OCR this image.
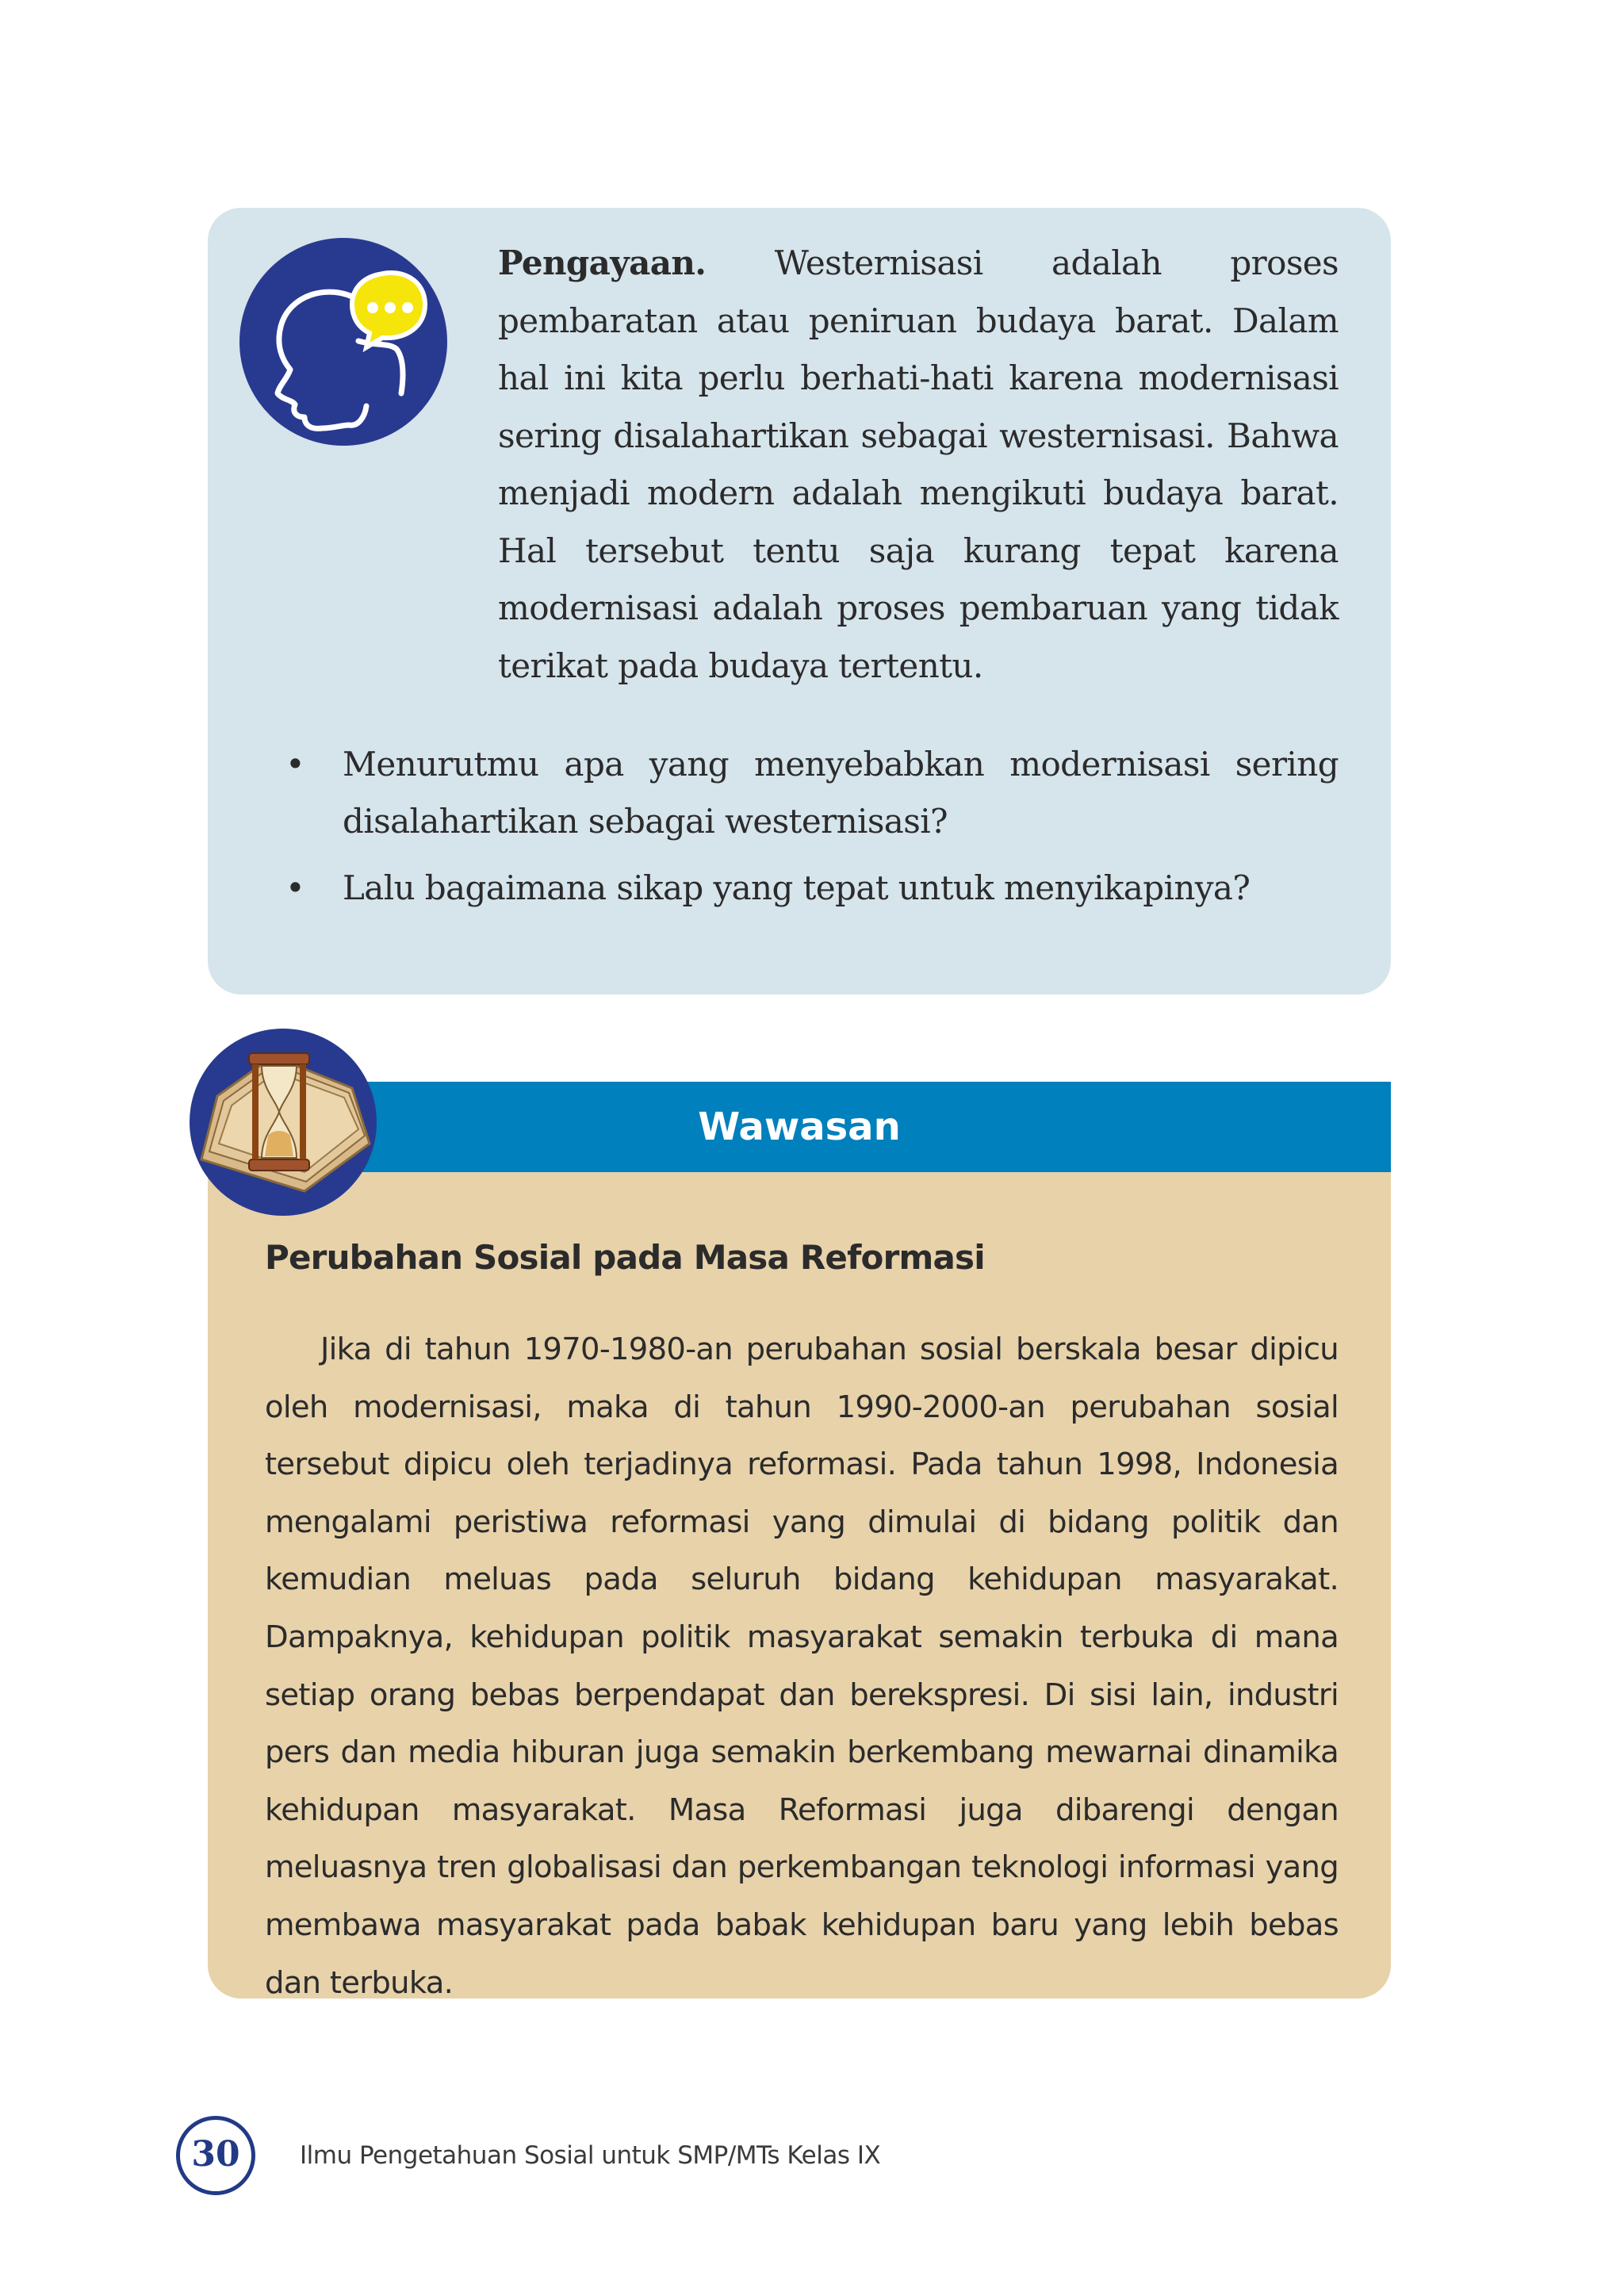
Pengayaan. Westernisasi adalah proses pembaratan atau peniruan budaya barat. Dalam hal ini kita perlu berhati-hati karena modernisasi sering disalahartikan sebagai westernisasi. Bahwa menjadi modern adalah mengikuti budaya barat. Hal tersebut tentu saja kurang tepat karena modernisasi adalah proses pembaruan yang tidak terikat pada budaya tertentu.

• Menurutmu apa yang menyebabkan modernisasi sering disalahartikan sebagai westernisasi?
• Lalu bagaimana sikap yang tepat untuk menyikapinya?
Wawasan
Perubahan Sosial pada Masa Reformasi

Jika di tahun 1970-1980-an perubahan sosial berskala besar dipicu oleh modernisasi, maka di tahun 1990-2000-an perubahan sosial tersebut dipicu oleh terjadinya reformasi. Pada tahun 1998, Indonesia mengalami peristiwa reformasi yang dimulai di bidang politik dan kemudian meluas pada seluruh bidang kehidupan masyarakat. Dampaknya, kehidupan politik masyarakat semakin terbuka di mana setiap orang bebas berpendapat dan berekspresi. Di sisi lain, industri pers dan media hiburan juga semakin berkembang mewarnai dinamika kehidupan masyarakat. Masa Reformasi juga dibarengi dengan meluasnya tren globalisasi dan perkembangan teknologi informasi yang membawa masyarakat pada babak kehidupan baru yang lebih bebas dan terbuka.

30	Ilmu Pengetahuan Sosial untuk SMP/MTs Kelas IX
